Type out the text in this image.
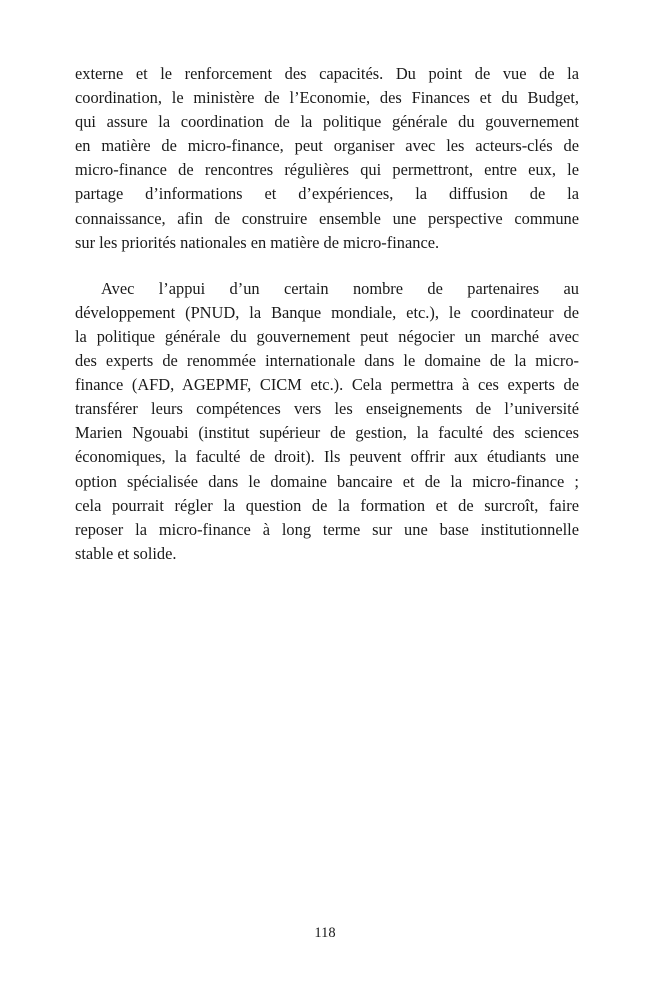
externe et le renforcement des capacités. Du point de vue de la
coordination, le ministère de l’Economie, des Finances et du Budget,
qui assure la coordination de la politique générale du gouvernement
en matière de micro-finance, peut organiser avec les acteurs-clés de
micro-finance de rencontres régulières qui permettront, entre eux, le
partage d’informations et d’expériences, la diffusion de la
connaissance, afin de construire ensemble une perspective commune
sur les priorités nationales en matière de micro-finance.
Avec l’appui d’un certain nombre de partenaires au
développement (PNUD, la Banque mondiale, etc.), le coordinateur de
la politique générale du gouvernement peut négocier un marché avec
des experts de renommée internationale dans le domaine de la micro-
finance (AFD, AGEPMF, CICM etc.). Cela permettra à ces experts de
transférer leurs compétences vers les enseignements de l’université
Marien Ngouabi (institut supérieur de gestion, la faculté des sciences
économiques, la faculté de droit). Ils peuvent offrir aux étudiants une
option spécialisée dans le domaine bancaire et de la micro-finance ;
cela pourrait régler la question de la formation et de surcroît, faire
reposer la micro-finance à long terme sur une base institutionnelle
stable et solide.
118
